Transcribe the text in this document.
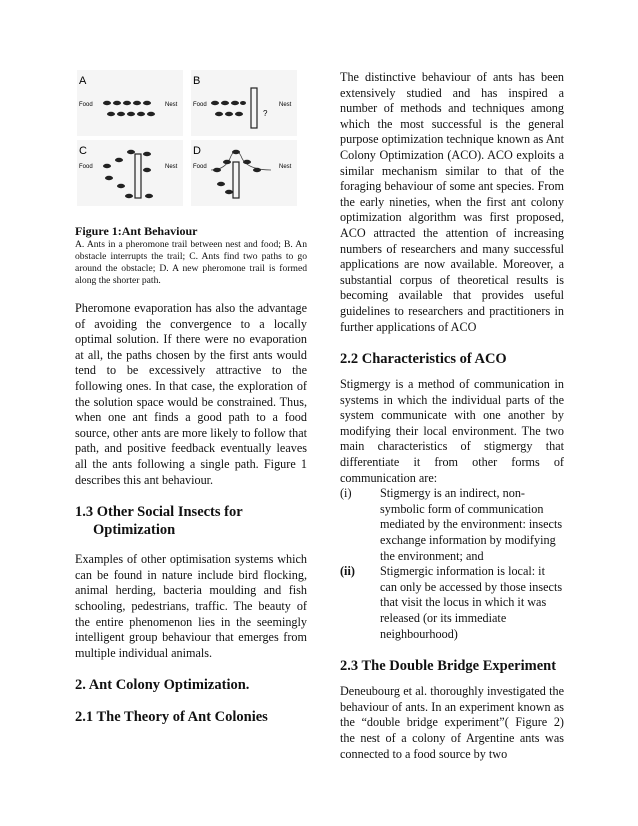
A
Food	Nest
B
Food	Nest
?
C
Food	Nest
D
Food	Nest

Figure 1:Ant Behaviour

A. Ants in a pheromone trail between nest and food; B. An obstacle interrupts the trail; C. Ants find two paths to go around the obstacle; D. A new pheromone trail is formed along the shorter path.

Pheromone evaporation has also the advantage of avoiding the convergence to a locally optimal solution. If there were no evaporation at all, the paths chosen by the first ants would tend to be excessively attractive to the following ones. In that case, the exploration of the solution space would be constrained. Thus, when one ant finds a good path to a food source, other ants are more likely to follow that path, and positive feedback eventually leaves all the ants following a single path. Figure 1 describes this ant behaviour.

1.3 Other Social Insects for Optimization

Examples of other optimisation systems which can be found in nature include bird flocking, animal herding, bacteria moulding and fish schooling, pedestrians, traffic. The beauty of the entire phenomenon lies in the seemingly intelligent group behaviour that emerges from multiple individual animals.

2. Ant Colony Optimization.
2.1 The Theory of Ant Colonies

The distinctive behaviour of ants has been extensively studied and has inspired a number of methods and techniques among which the most successful is the general purpose optimization technique known as Ant Colony Optimization (ACO). ACO exploits a similar mechanism similar to that of the foraging behaviour of some ant species. From the early nineties, when the first ant colony optimization algorithm was first proposed, ACO attracted the attention of increasing numbers of researchers and many successful applications are now available. Moreover, a substantial corpus of theoretical results is becoming available that provides useful guidelines to researchers and practitioners in further applications of ACO

2.2 Characteristics of ACO

Stigmergy is a method of communication in systems in which the individual parts of the system communicate with one another by modifying their local environment. The two main characteristics of stigmergy that differentiate it from other forms of communication are:

(i) Stigmergy is an indirect, non-symbolic form of communication mediated by the environment: insects exchange information by modifying the environment; and
(ii) Stigmergic information is local: it can only be accessed by those insects that visit the locus in which it was released (or its immediate neighbourhood)
2.3 The Double Bridge Experiment

Deneubourg et al. thoroughly investigated the behaviour of ants. In an experiment known as the “double bridge experiment”( Figure 2) the nest of a colony of Argentine ants was connected to a food source by two
